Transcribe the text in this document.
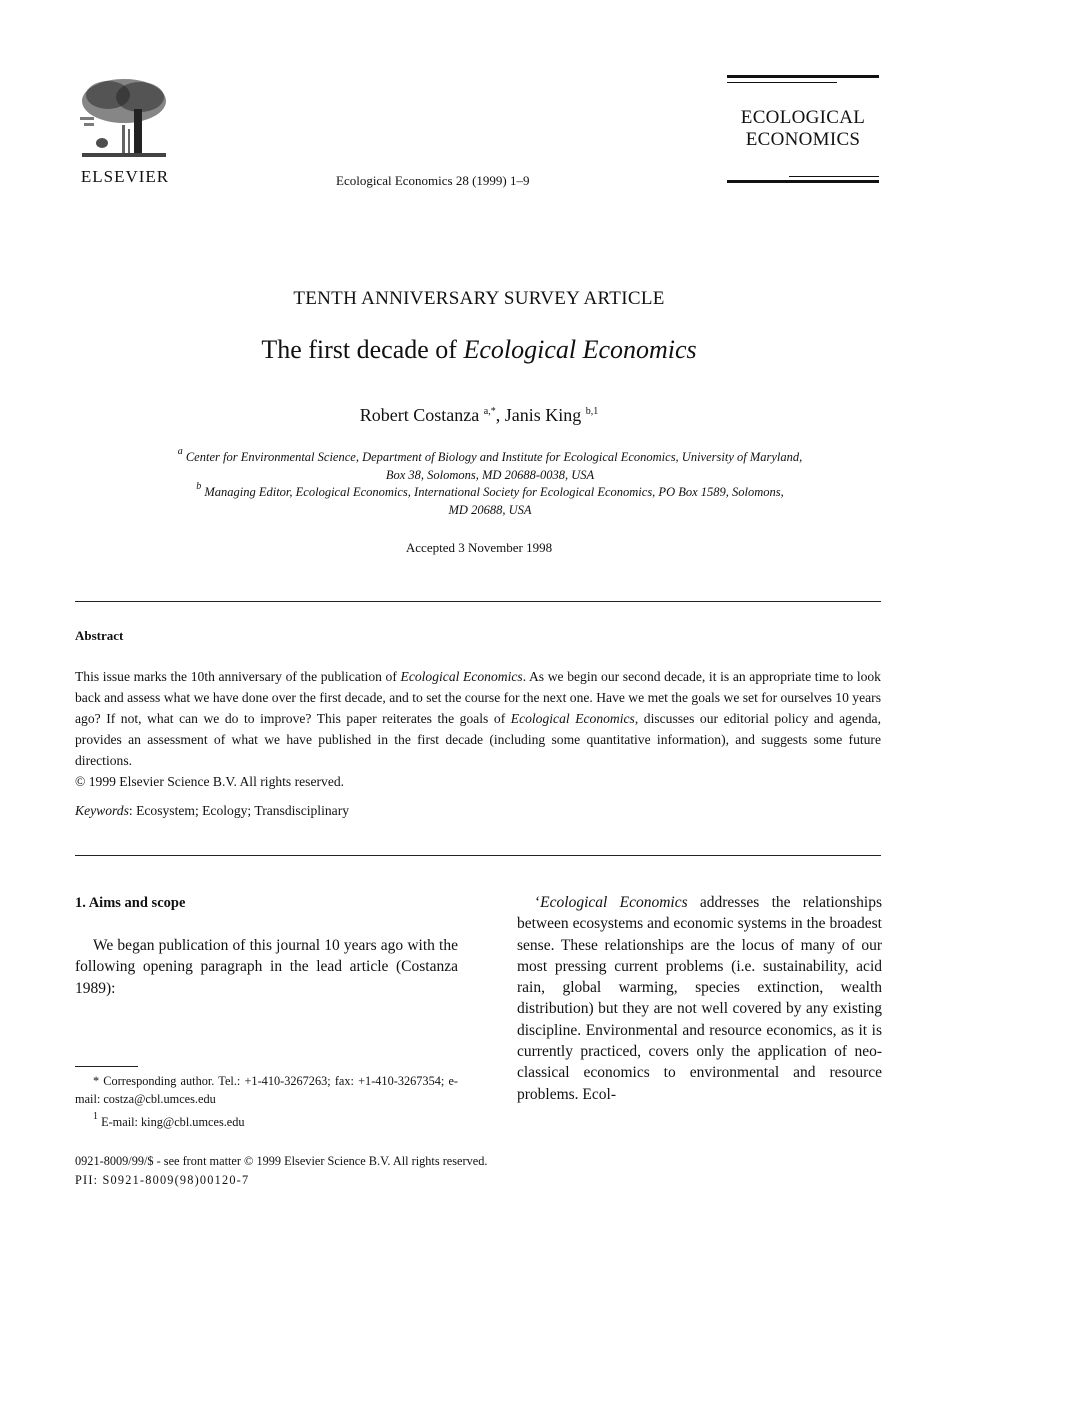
ELSEVIER	Ecological Economics 28 (1999) 1–9
ECOLOGICAL
ECONOMICS
TENTH ANNIVERSARY SURVEY ARTICLE
The first decade of Ecological Economics
Robert Costanza $^{a,*}$, Janis King $^{b,1}$
$^a$ Center for Environmental Science, Department of Biology and Institute for Ecological Economics, University of Maryland,
Box 38, Solomons, MD 20688-0038, USA
$^b$ Managing Editor, Ecological Economics, International Society for Ecological Economics, PO Box 1589, Solomons,
MD 20688, USA
Accepted 3 November 1998
Abstract

This issue marks the 10th anniversary of the publication of Ecological Economics. As we begin our second decade, it is an appropriate time to look back and assess what we have done over the first decade, and to set the course for the next one. Have we met the goals we set for ourselves 10 years ago? If not, what can we do to improve? This paper reiterates the goals of Ecological Economics, discusses our editorial policy and agenda, provides an assessment of what we have published in the first decade (including some quantitative information), and suggests some future directions.

© 1999 Elsevier Science B.V. All rights reserved.

Keywords: Ecosystem; Ecology; Transdisciplinary
1. Aims and scope
We began publication of this journal 10 years ago with the following opening paragraph in the lead article (Costanza 1989):
‘Ecological Economics addresses the relationships between ecosystems and economic systems in the broadest sense. These relationships are the locus of many of our most pressing current problems (i.e. sustainability, acid rain, global warming, species extinction, wealth distribution) but they are not well covered by any existing discipline. Environmental and resource economics, as it is currently practiced, covers only the application of neo-classical economics to environmental and resource problems. Ecol-
* Corresponding author. Tel.: +1-410-3267263; fax: +1-410-3267354; e-mail: costza@cbl.umces.edu
$^1$ E-mail: king@cbl.umces.edu
0921-8009/99/$ - see front matter © 1999 Elsevier Science B.V. All rights reserved.
PII: S0921-8009(98)00120-7
